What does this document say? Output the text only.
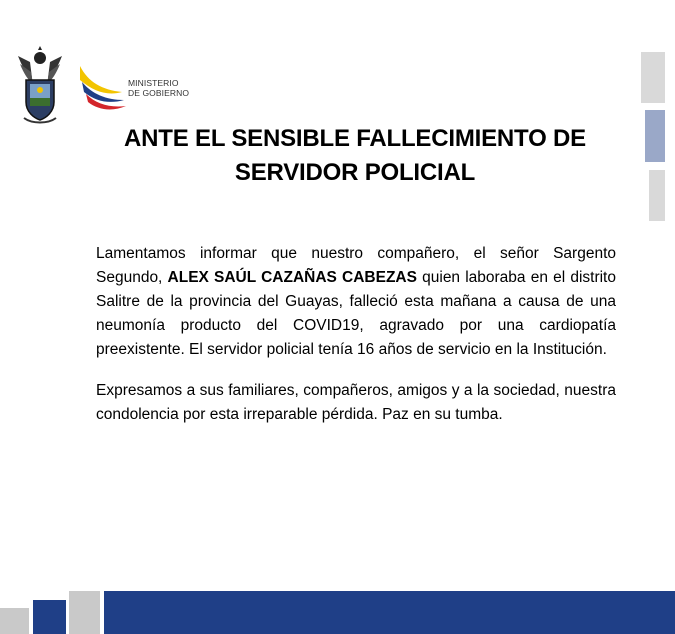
MINISTERIO
DE GOBIERNO
ANTE EL SENSIBLE FALLECIMIENTO DE
SERVIDOR POLICIAL

Lamentamos informar que nuestro compañero, el señor Sargento Segundo, ALEX SAÚL CAZAÑAS CABEZAS quien laboraba en el distrito Salitre de la provincia del Guayas, falleció esta mañana a causa de una neumonía producto del COVID19, agravado por una cardiopatía preexistente. El servidor policial tenía 16 años de servicio en la Institución.

Expresamos a sus familiares, compañeros, amigos y a la sociedad, nuestra condolencia por esta irreparable pérdida. Paz en su tumba.
